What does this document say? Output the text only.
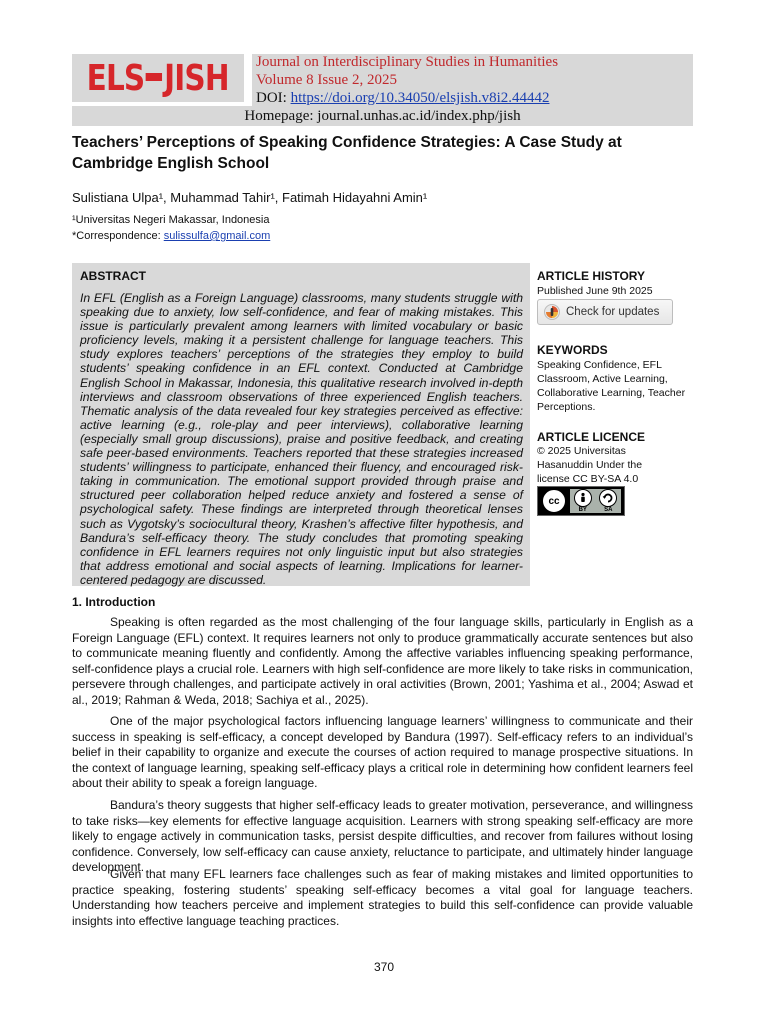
ELS JISH Journal on Interdisciplinary Studies in Humanities
Volume 8 Issue 2, 2025
DOI: https://doi.org/10.34050/elsjish.v8i2.44442
Homepage: journal.unhas.ac.id/index.php/jish
Teachers’ Perceptions of Speaking Confidence Strategies: A Case Study at Cambridge English School
Sulistiana Ulpa¹, Muhammad Tahir¹, Fatimah Hidayahni Amin¹
¹Universitas Negeri Makassar, Indonesia
*Correspondence: sulissulfa@gmail.com
ABSTRACT
In EFL (English as a Foreign Language) classrooms, many students struggle with speaking due to anxiety, low self-confidence, and fear of making mistakes. This issue is particularly prevalent among learners with limited vocabulary or basic proficiency levels, making it a persistent challenge for language teachers. This study explores teachers’ perceptions of the strategies they employ to build students’ speaking confidence in an EFL context. Conducted at Cambridge English School in Makassar, Indonesia, this qualitative research involved in-depth interviews and classroom observations of three experienced English teachers. Thematic analysis of the data revealed four key strategies perceived as effective: active learning (e.g., role-play and peer interviews), collaborative learning (especially small group discussions), praise and positive feedback, and creating safe peer-based environments. Teachers reported that these strategies increased students’ willingness to participate, enhanced their fluency, and encouraged risk-taking in communication. The emotional support provided through praise and structured peer collaboration helped reduce anxiety and fostered a sense of psychological safety. These findings are interpreted through theoretical lenses such as Vygotsky’s sociocultural theory, Krashen’s affective filter hypothesis, and Bandura’s self-efficacy theory. The study concludes that promoting speaking confidence in EFL learners requires not only linguistic input but also strategies that address emotional and social aspects of learning. Implications for learner-centered pedagogy are discussed.
ARTICLE HISTORY
Published June 9th 2025
Check for updates
KEYWORDS
Speaking Confidence, EFL Classroom, Active Learning, Collaborative Learning, Teacher Perceptions.
ARTICLE LICENCE
© 2025 Universitas Hasanuddin Under the license CC BY-SA 4.0
cc
BY	SA
1. Introduction

Speaking is often regarded as the most challenging of the four language skills, particularly in English as a Foreign Language (EFL) context. It requires learners not only to produce grammatically accurate sentences but also to communicate meaning fluently and confidently. Among the affective variables influencing speaking performance, self-confidence plays a crucial role. Learners with high self-confidence are more likely to take risks in communication, persevere through challenges, and participate actively in oral activities (Brown, 2001; Yashima et al., 2004; Aswad et al., 2019; Rahman & Weda, 2018; Sachiya et al., 2025).

One of the major psychological factors influencing language learners’ willingness to communicate and their success in speaking is self-efficacy, a concept developed by Bandura (1997). Self-efficacy refers to an individual’s belief in their capability to organize and execute the courses of action required to manage prospective situations. In the context of language learning, speaking self-efficacy plays a critical role in determining how confident learners feel about their ability to speak a foreign language.

Bandura’s theory suggests that higher self-efficacy leads to greater motivation, perseverance, and willingness to take risks—key elements for effective language acquisition. Learners with strong speaking self-efficacy are more likely to engage actively in communication tasks, persist despite difficulties, and recover from failures without losing confidence. Conversely, low self-efficacy can cause anxiety, reluctance to participate, and ultimately hinder language development.

Given that many EFL learners face challenges such as fear of making mistakes and limited opportunities to practice speaking, fostering students’ speaking self-efficacy becomes a vital goal for language teachers. Understanding how teachers perceive and implement strategies to build this self-confidence can provide valuable insights into effective language teaching practices.

370
